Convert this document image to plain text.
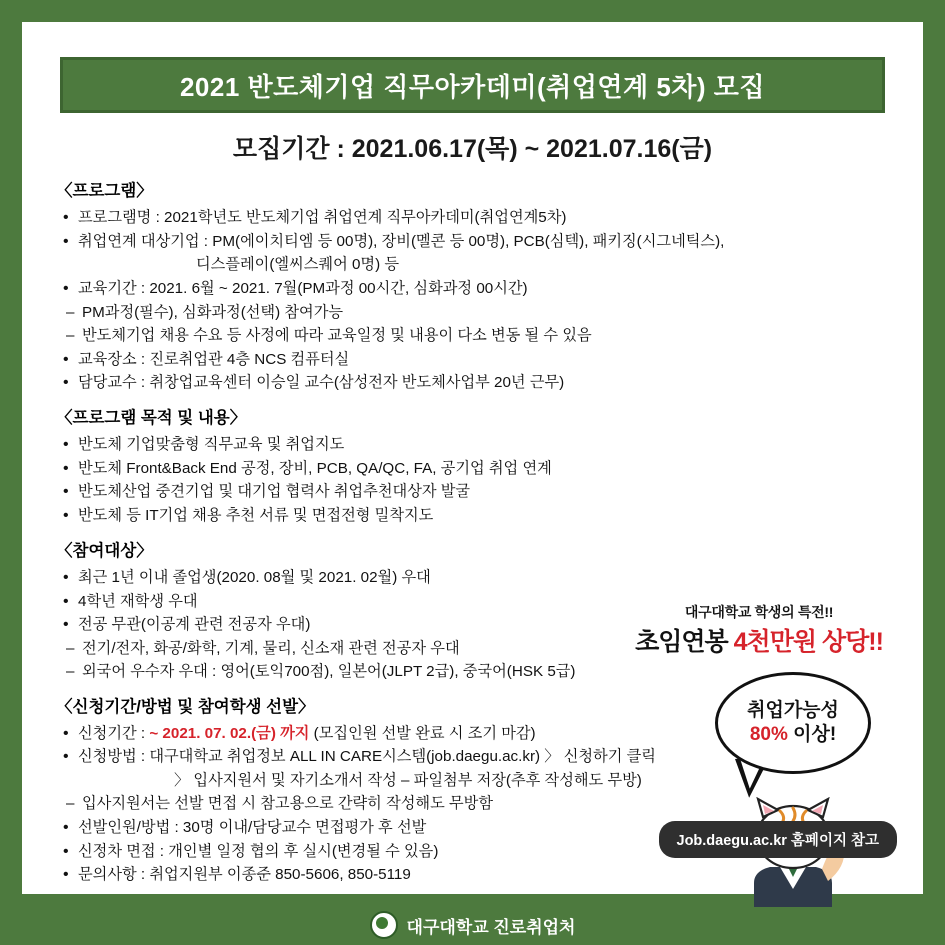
2021 반도체기업 직무아카데미(취업연계 5차) 모집
모집기간 : 2021.06.17(목) ~ 2021.07.16(금)
〈프로그램〉
• 프로그램명 : 2021학년도 반도체기업 취업연계 직무아카데미(취업연계5차)
• 취업연계 대상기업 : PM(에이치티엠 등 00명), 장비(멜콘 등 00명), PCB(심텍), 패키징(시그네틱스),
디스플레이(엘씨스퀘어 0명) 등
• 교육기간 : 2021. 6월 ~ 2021. 7월(PM과정 00시간, 심화과정 00시간)
– PM과정(필수), 심화과정(선택) 참여가능
– 반도체기업 채용 수요 등 사정에 따라 교육일정 및 내용이 다소 변동 될 수 있음
• 교육장소 : 진로취업관 4층 NCS 컴퓨터실
• 담당교수 : 취창업교육센터 이승일 교수(삼성전자 반도체사업부 20년 근무)
〈프로그램 목적 및 내용〉
• 반도체 기업맞춤형 직무교육 및 취업지도
• 반도체 Front&Back End 공정, 장비, PCB, QA/QC, FA, 공기업 취업 연계
• 반도체산업 중견기업 및 대기업 협력사 취업추천대상자 발굴
• 반도체 등 IT기업 채용 추천 서류 및 면접전형 밀착지도
〈참여대상〉
• 최근 1년 이내 졸업생(2020. 08월 및 2021. 02월) 우대
• 4학년 재학생 우대
• 전공 무관(이공계 관련 전공자 우대)
– 전기/전자, 화공/화학, 기계, 물리, 신소재 관련 전공자 우대
– 외국어 우수자 우대 : 영어(토익700점), 일본어(JLPT 2급), 중국어(HSK 5급)
〈신청기간/방법 및 참여학생 선발〉
• 신청기간 : ~ 2021. 07. 02.(금) 까지 (모집인원 선발 완료 시 조기 마감)
• 신청방법 : 대구대학교 취업정보 ALL IN CARE시스템(job.daegu.ac.kr) 〉 신청하기 클릭
〉 입사지원서 및 자기소개서 작성 – 파일첨부 저장(추후 작성해도 무방)
– 입사지원서는 선발 면접 시 참고용으로 간략히 작성해도 무방함
• 선발인원/방법 : 30명 이내/담당교수 면접평가 후 선발
• 신정차 면접 : 개인별 일정 협의 후 실시(변경될 수 있음)
• 문의사항 : 취업지원부 이종준 850-5606, 850-5119
대구대학교 학생의 특전!!
초임연봉 4천만원 상당!!
취업가능성
80% 이상!
Job.daegu.ac.kr 홈페이지 참고
대구대학교 진로취업처
